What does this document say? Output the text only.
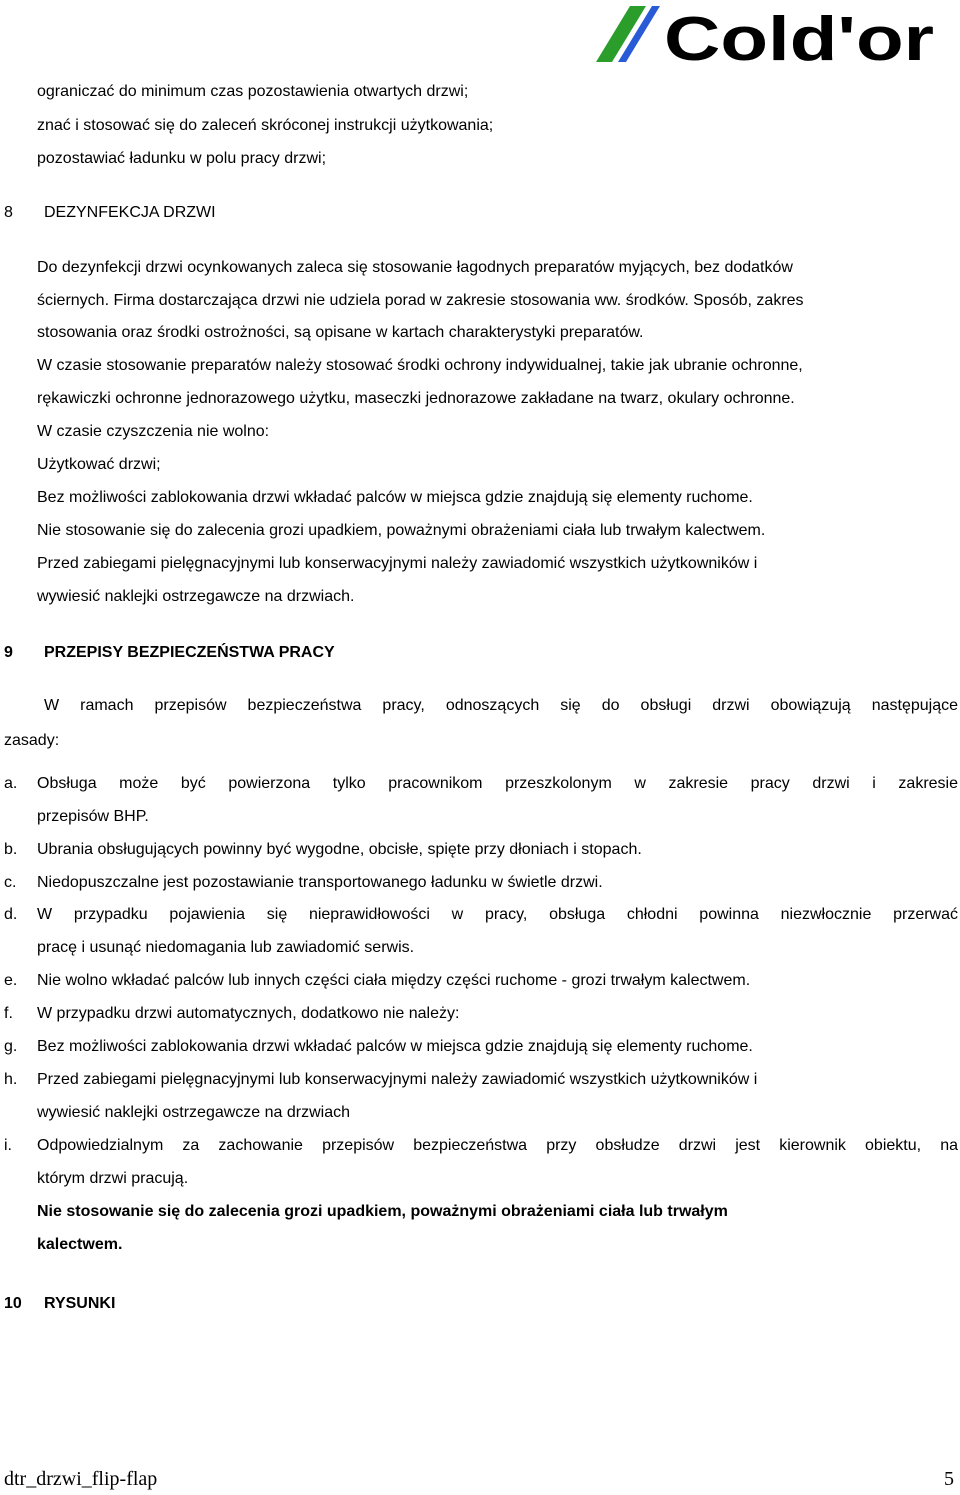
Cold'or
ograniczać do minimum czas pozostawienia otwartych drzwi;
znać i stosować się do zaleceń skróconej instrukcji użytkowania;
pozostawiać ładunku w polu pracy drzwi;
8 DEZYNFEKCJA DRZWI
Do dezynfekcji drzwi ocynkowanych zaleca się stosowanie łagodnych preparatów myjących, bez dodatków
ściernych. Firma dostarczająca drzwi nie udziela porad w zakresie stosowania ww. środków. Sposób, zakres
stosowania oraz środki ostrożności, są opisane w kartach charakterystyki preparatów.
W czasie stosowanie preparatów należy stosować środki ochrony indywidualnej, takie jak ubranie ochronne,
rękawiczki ochronne jednorazowego użytku, maseczki jednorazowe zakładane na twarz, okulary ochronne.
W czasie czyszczenia nie wolno:
Użytkować drzwi;
Bez możliwości zablokowania drzwi wkładać palców w miejsca gdzie znajdują się elementy ruchome.
Nie stosowanie się do zalecenia grozi upadkiem, poważnymi obrażeniami ciała lub trwałym kalectwem.
Przed zabiegami pielęgnacyjnymi lub konserwacyjnymi należy zawiadomić wszystkich użytkowników i
wywiesić naklejki ostrzegawcze na drzwiach.
9 PRZEPISY BEZPIECZEŃSTWA PRACY
W ramach przepisów bezpieczeństwa pracy, odnoszących się do obsługi drzwi obowiązują następujące
zasady:
a. Obsługa może być powierzona tylko pracownikom przeszkolonym w zakresie pracy drzwi i zakresie
przepisów BHP.
b. Ubrania obsługujących powinny być wygodne, obcisłe, spięte przy dłoniach i stopach.
c. Niedopuszczalne jest pozostawianie transportowanego ładunku w świetle drzwi.
d. W przypadku pojawienia się nieprawidłowości w pracy, obsługa chłodni powinna niezwłocznie przerwać
pracę i usunąć niedomagania lub zawiadomić serwis.
e. Nie wolno wkładać palców lub innych części ciała między części ruchome - grozi trwałym kalectwem.
f. W przypadku drzwi automatycznych, dodatkowo nie należy:
g. Bez możliwości zablokowania drzwi wkładać palców w miejsca gdzie znajdują się elementy ruchome.
h. Przed zabiegami pielęgnacyjnymi lub konserwacyjnymi należy zawiadomić wszystkich użytkowników i
wywiesić naklejki ostrzegawcze na drzwiach
i. Odpowiedzialnym za zachowanie przepisów bezpieczeństwa przy obsłudze drzwi jest kierownik obiektu, na
którym drzwi pracują.
Nie stosowanie się do zalecenia grozi upadkiem, poważnymi obrażeniami ciała lub trwałym
kalectwem.
10 RYSUNKI
dtr_drzwi_flip-flap	5
